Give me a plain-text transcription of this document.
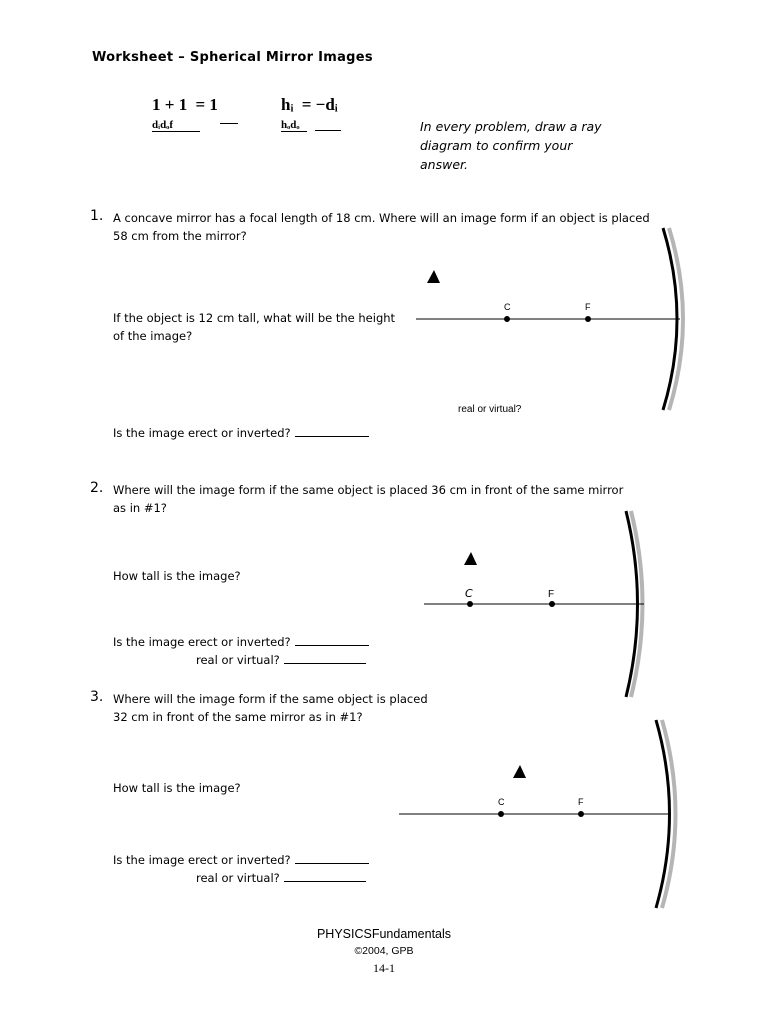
Worksheet – Spherical Mirror Images
1 + 1 = 1
dᵢdₒf
hᵢ = −dᵢ
hₒdₒ	In every problem, draw a ray diagram to confirm your answer.
1. A concave mirror has a focal length of 18 cm. Where will an image form if an object is placed
58 cm from the mirror?
If the object is 12 cm tall, what will be the height
of the image?
real or virtual?
Is the image erect or inverted?
2. Where will the image form if the same object is placed 36 cm in front of the same mirror
as in #1?
How tall is the image?
Is the image erect or inverted?
real or virtual?
3. Where will the image form if the same object is placed
32 cm in front of the same mirror as in #1?
How tall is the image?
Is the image erect or inverted?
real or virtual?
C	F
C	F
C	F
PHYSICSFundamentals
©2004, GPB
14-1
